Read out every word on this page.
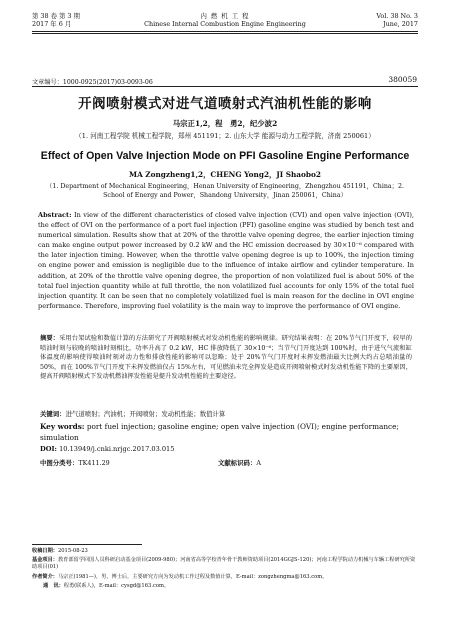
第 38 卷 第 3 期
2017 年 6 月
内 燃 机 工 程
Chinese Internal Combustion Engine Engineering
Vol. 38 No. 3
June, 2017
文章编号：1000-0925(2017)03-0093-06	380059
开阀喷射模式对进气道喷射式汽油机性能的影响
马宗正1,2，程　勇2，纪少波2
（1. 河南工程学院 机械工程学院，郑州 451191；2. 山东大学 能源与动力工程学院，济南 250061）
Effect of Open Valve Injection Mode on PFI Gasoline Engine Performance
MA Zongzheng1,2，CHENG Yong2，JI Shaobo2
（1. Department of Mechanical Engineering，Henan University of Engineering，Zhengzhou 451191，China；2. School of Energy and Power，Shandong University，Jinan 250061，China）
Abstract: In view of the different characteristics of closed valve injection (CVI) and open valve injection (OVI), the effect of OVI on the performance of a port fuel injection (PFI) gasoline engine was studied by bench test and numerical simulation. Results show that at 20% of the throttle valve opening degree, the earlier injection timing can make engine output power increased by 0.2 kW and the HC emission decreased by 30×10⁻⁶ compared with the later injection timing. However, when the throttle valve opening degree is up to 100%, the injection timing on engine power and emission is negligible due to the influence of intake airflow and cylinder temperature. In addition, at 20% of the throttle valve opening degree, the proportion of non volatilized fuel is about 50% of the total fuel injection quantity while at full throttle, the non volatilized fuel accounts for only 15% of the total fuel injection quantity. It can be seen that no completely volatilized fuel is main reason for the decline in OVI engine performance. Therefore, improving fuel volatility is the main way to improve the performance of OVI engine.
摘要：采用台架试验和数值计算的方法研究了开阀喷射模式对发动机性能的影响规律。研究结果表明：在 20%节气门开度下，较早的喷油时刻与较晚的喷油时刻相比，功率升高了 0.2 kW，HC 排放降低了 30×10⁻⁶；当节气门开度达到 100%时，由于进气气流和缸体温度的影响使得喷油时刻对动力性和排放性能的影响可以忽略；处于 20%节气门开度时未挥发燃油最大比例大约占总喷油量的 50%，而在 100%节气门开度下未挥发燃油仅占 15%左右，可见燃油未完全挥发是造成开阀喷射模式时发动机性能下降的主要原因，提高开阀喷射模式下发动机燃油挥发性能是提升发动机性能的主要途径。
关键词：进气道喷射；汽油机；开阀喷射；发动机性能；数值计算
Key words: port fuel injection; gasoline engine; open valve injection (OVI); engine performance; simulation
DOI: 10.13949/j.cnki.nrjgc.2017.03.015
中图分类号：TK411.29	文献标识码：A
收稿日期：2015-08-23
基金项目：教育部留学回国人员科研启动基金项目(2009-980)；河南省高等学校青年骨干教师资助项目(2014GGJS-120)；河南工程学院动力机械与车辆工程研究所资助项目(01)
作者简介：马宗正(1981—)，男，博士后，主要研究方向为发动机工作过程及数值计算，E-mail：zongzhengma@163.com。
通　讯：程勇(联系人)，E-mail：cysgd@163.com。
